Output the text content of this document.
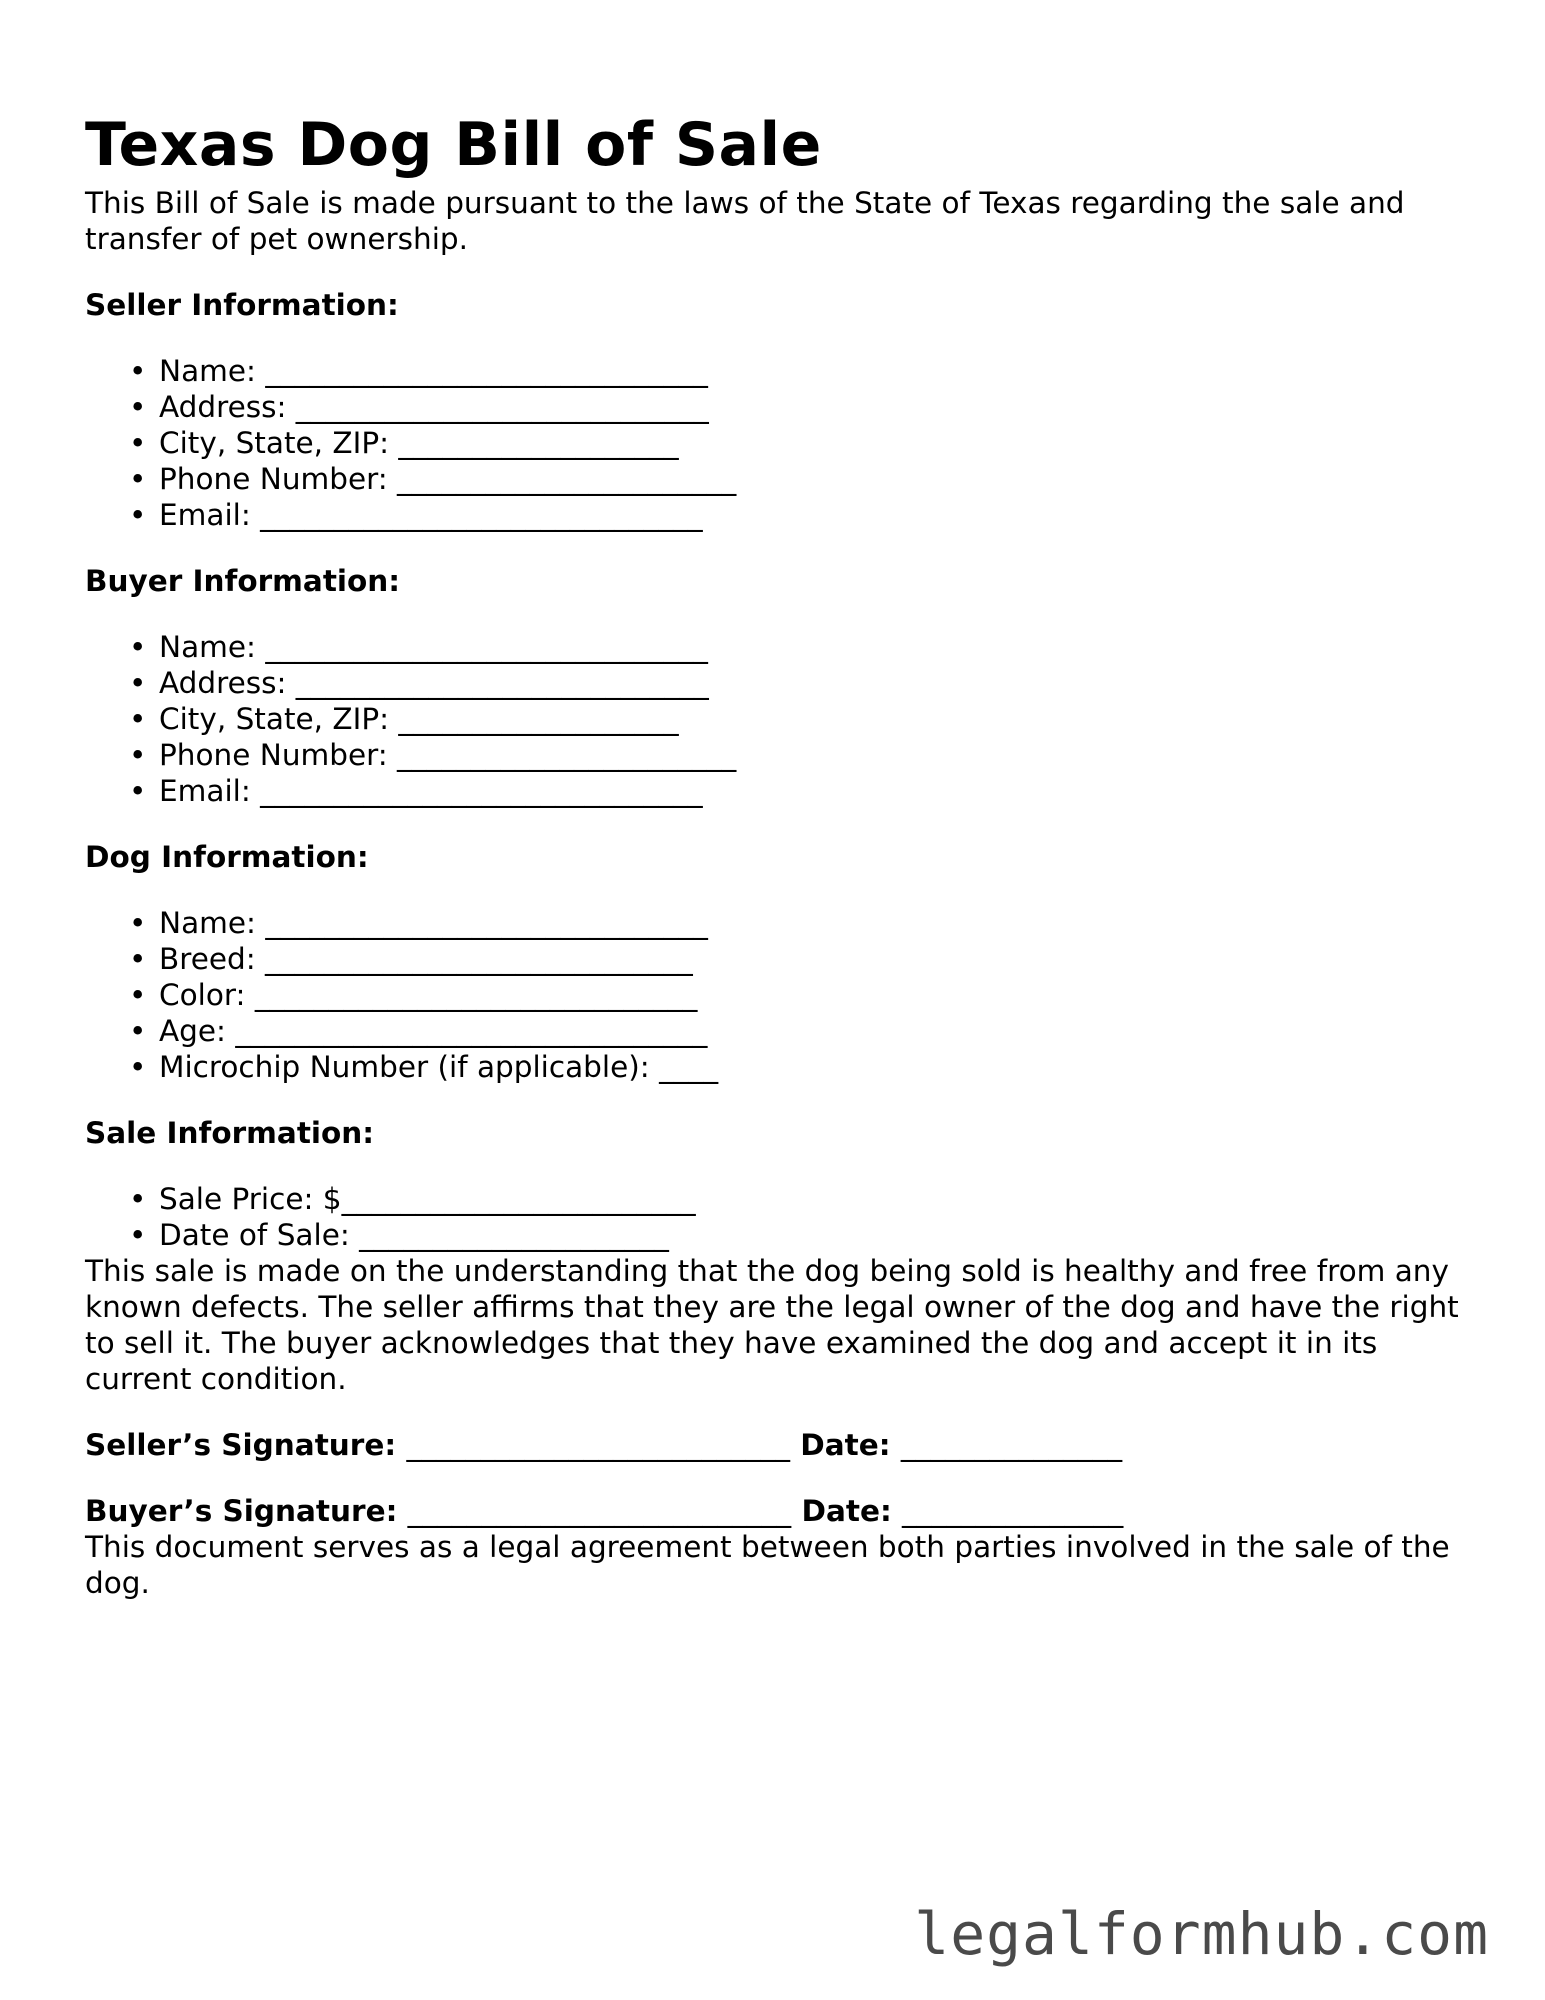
Texas Dog Bill of Sale

This Bill of Sale is made pursuant to the laws of the State of Texas regarding the sale and transfer of pet ownership.

Seller Information:
• Name: ______________________________
• Address: ____________________________
• City, State, ZIP: ___________________
• Phone Number: _______________________
• Email: ______________________________
Buyer Information:
• Name: ______________________________
• Address: ____________________________
• City, State, ZIP: ___________________
• Phone Number: _______________________
• Email: ______________________________
Dog Information:
• Name: ______________________________
• Breed: _____________________________
• Color: ______________________________
• Age: ________________________________
• Microchip Number (if applicable): ____
Sale Information:
• Sale Price: $________________________
• Date of Sale: _____________________

This sale is made on the understanding that the dog being sold is healthy and free from any known defects. The seller affirms that they are the legal owner of the dog and have the right to sell it. The buyer acknowledges that they have examined the dog and accept it in its current condition.

Seller’s Signature: __________________________ Date: _______________
Buyer’s Signature: __________________________ Date: _______________

This document serves as a legal agreement between both parties involved in the sale of the dog.

legalformhub.com
